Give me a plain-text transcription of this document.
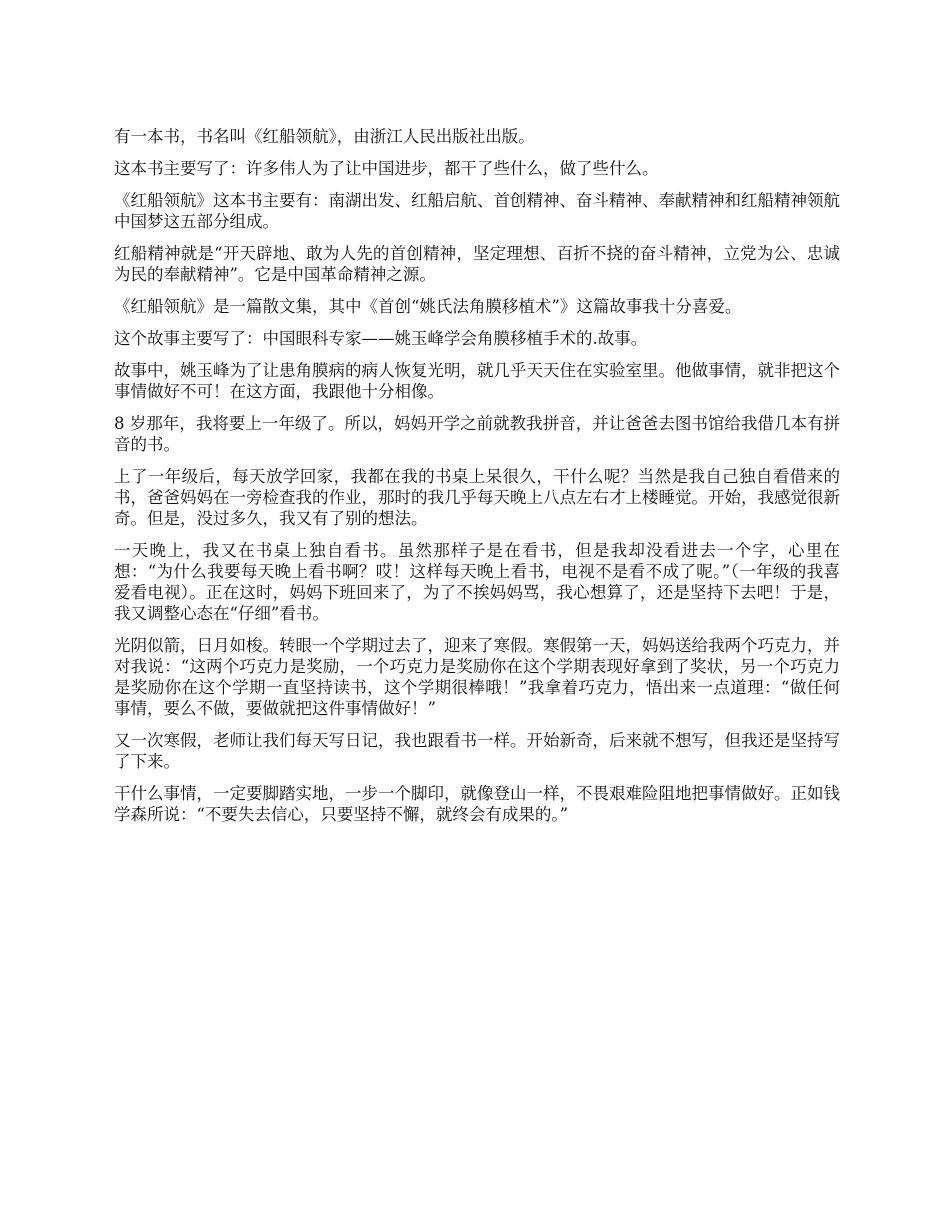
有一本书，书名叫《红船领航》，由浙江人民出版社出版。

这本书主要写了：许多伟人为了让中国进步，都干了些什么，做了些什么。

《红船领航》这本书主要有：南湖出发、红船启航、首创精神、奋斗精神、奉献精神和红船精神领航中国梦这五部分组成。

红船精神就是“开天辟地、敢为人先的首创精神，坚定理想、百折不挠的奋斗精神，立党为公、忠诚为民的奉献精神”。它是中国革命精神之源。

《红船领航》是一篇散文集，其中《首创“姚氏法角膜移植术”》这篇故事我十分喜爱。

这个故事主要写了：中国眼科专家——姚玉峰学会角膜移植手术的.故事。

故事中，姚玉峰为了让患角膜病的病人恢复光明，就几乎天天住在实验室里。他做事情，就非把这个事情做好不可！在这方面，我跟他十分相像。

8 岁那年，我将要上一年级了。所以，妈妈开学之前就教我拼音，并让爸爸去图书馆给我借几本有拼音的书。

上了一年级后，每天放学回家，我都在我的书桌上呆很久，干什么呢？当然是我自己独自看借来的书，爸爸妈妈在一旁检查我的作业，那时的我几乎每天晚上八点左右才上楼睡觉。开始，我感觉很新奇。但是，没过多久，我又有了别的想法。

一天晚上，我又在书桌上独自看书。虽然那样子是在看书，但是我却没看进去一个字，心里在想：“为什么我要每天晚上看书啊？哎！这样每天晚上看书，电视不是看不成了呢。”（一年级的我喜爱看电视）。正在这时，妈妈下班回来了，为了不挨妈妈骂，我心想算了，还是坚持下去吧！于是，我又调整心态在“仔细”看书。

光阴似箭，日月如梭。转眼一个学期过去了，迎来了寒假。寒假第一天，妈妈送给我两个巧克力，并对我说：“这两个巧克力是奖励，一个巧克力是奖励你在这个学期表现好拿到了奖状，另一个巧克力是奖励你在这个学期一直坚持读书，这个学期很棒哦！”我拿着巧克力，悟出来一点道理：“做任何事情，要么不做，要做就把这件事情做好！”

又一次寒假，老师让我们每天写日记，我也跟看书一样。开始新奇，后来就不想写，但我还是坚持写了下来。

干什么事情，一定要脚踏实地，一步一个脚印，就像登山一样，不畏艰难险阻地把事情做好。正如钱学森所说：“不要失去信心，只要坚持不懈，就终会有成果的。”
